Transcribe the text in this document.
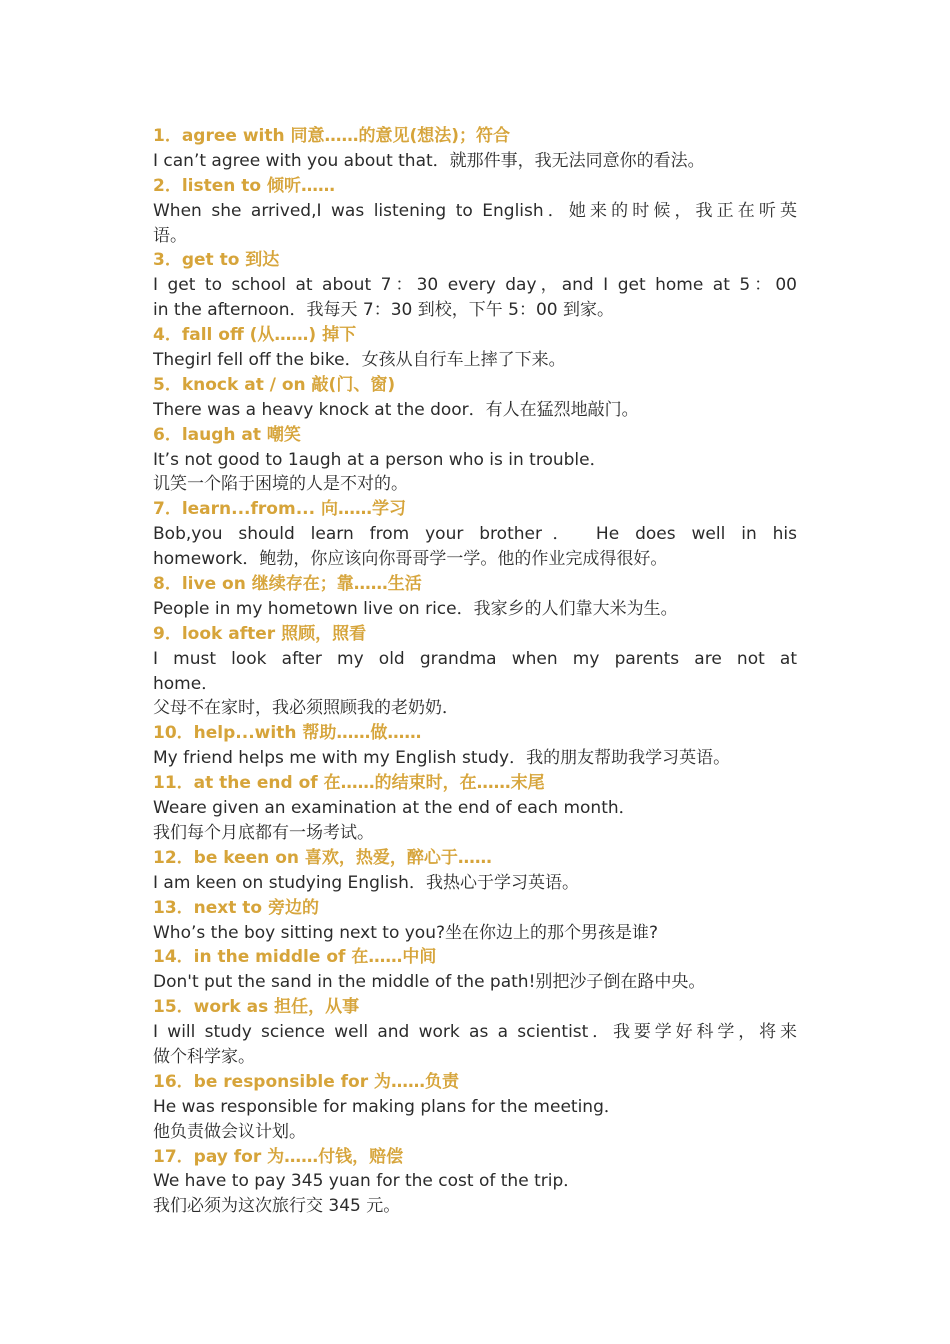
1．agree with 同意……的意见(想法)；符合
I can’t agree with you about that．就那件事，我无法同意你的看法。
2．listen to 倾听……
When she arrived,I was listening to English．她来的时候，我正在听英
语。
3．get to 到达
I get to school at about 7：30 every day，and I get home at 5：00
in the afternoon．我每天 7：30 到校，下午 5：00 到家。
4．fall off (从……) 掉下
Thegirl fell off the bike．女孩从自行车上摔了下来。
5．knock at / on 敲(门、窗)
There was a heavy knock at the door．有人在猛烈地敲门。
6．laugh at 嘲笑
It’s not good to 1augh at a person who is in trouble．
讥笑一个陷于困境的人是不对的。
7．learn...from... 向……学习
Bob,you should learn from your brother． He does well in his
homework．鲍勃，你应该向你哥哥学一学。他的作业完成得很好。
8．live on 继续存在；靠……生活
People in my hometown live on rice．我家乡的人们靠大米为生。
9．look after 照顾，照看
I must look after my old grandma when my parents are not at
home．
父母不在家时，我必须照顾我的老奶奶．
10．help...with 帮助……做……
My friend helps me with my English study．我的朋友帮助我学习英语。
11．at the end of 在……的结束时，在……末尾
Weare given an examination at the end of each month．
我们每个月底都有一场考试。
12．be keen on 喜欢，热爱，醉心于……
I am keen on studying English．我热心于学习英语。
13．next to 旁边的
Who’s the boy sitting next to you?坐在你边上的那个男孩是谁?
14．in the middle of 在……中间
Don't put the sand in the middle of the path!别把沙子倒在路中央。
15．work as 担任，从事
I will study science well and work as a scientist．我要学好科学，将来
做个科学家。
16．be responsible for 为……负责
He was responsible for making plans for the meeting．
他负责做会议计划。
17．pay for 为……付钱，赔偿
We have to pay 345 yuan for the cost of the trip．
我们必须为这次旅行交 345 元。
